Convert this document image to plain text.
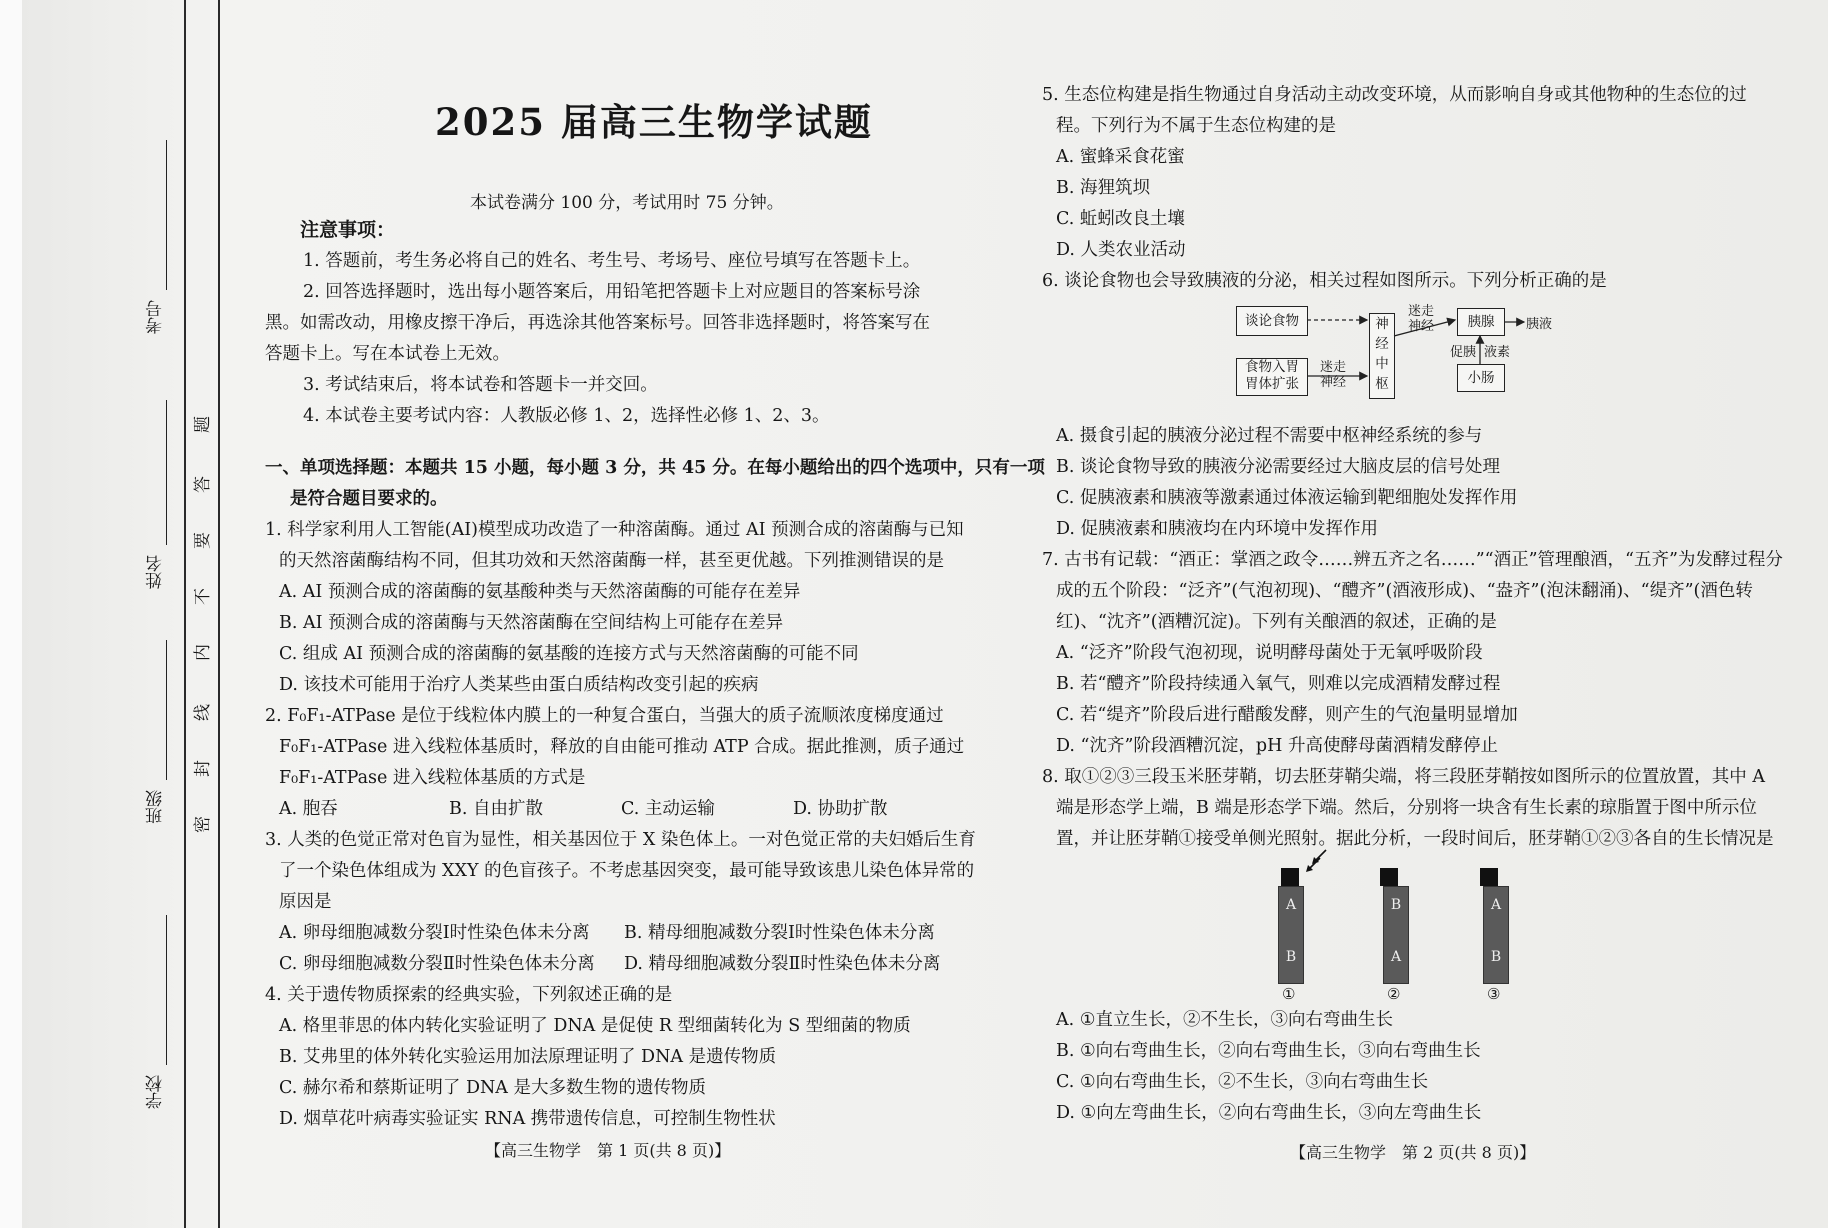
考号
姓名
班级
学校
题
答
要
不
内
线
封
密
2025 届高三生物学试题
本试卷满分 100 分，考试用时 75 分钟。
注意事项：
1. 答题前，考生务必将自己的姓名、考生号、考场号、座位号填写在答题卡上。
2. 回答选择题时，选出每小题答案后，用铅笔把答题卡上对应题目的答案标号涂
黑。如需改动，用橡皮擦干净后，再选涂其他答案标号。回答非选择题时，将答案写在
答题卡上。写在本试卷上无效。
3. 考试结束后，将本试卷和答题卡一并交回。
4. 本试卷主要考试内容：人教版必修 1、2，选择性必修 1、2、3。
一、单项选择题：本题共 15 小题，每小题 3 分，共 45 分。在每小题给出的四个选项中，只有一项
是符合题目要求的。
1. 科学家利用人工智能(AI)模型成功改造了一种溶菌酶。通过 AI 预测合成的溶菌酶与已知
的天然溶菌酶结构不同，但其功效和天然溶菌酶一样，甚至更优越。下列推测错误的是
A. AI 预测合成的溶菌酶的氨基酸种类与天然溶菌酶的可能存在差异
B. AI 预测合成的溶菌酶与天然溶菌酶在空间结构上可能存在差异
C. 组成 AI 预测合成的溶菌酶的氨基酸的连接方式与天然溶菌酶的可能不同
D. 该技术可能用于治疗人类某些由蛋白质结构改变引起的疾病
2. F₀F₁-ATPase 是位于线粒体内膜上的一种复合蛋白，当强大的质子流顺浓度梯度通过
F₀F₁-ATPase 进入线粒体基质时，释放的自由能可推动 ATP 合成。据此推测，质子通过
F₀F₁-ATPase 进入线粒体基质的方式是
A. 胞吞	B. 自由扩散	C. 主动运输	D. 协助扩散
3. 人类的色觉正常对色盲为显性，相关基因位于 X 染色体上。一对色觉正常的夫妇婚后生育
了一个染色体组成为 XXY 的色盲孩子。不考虑基因突变，最可能导致该患儿染色体异常的
原因是
A. 卵母细胞减数分裂Ⅰ时性染色体未分离 B. 精母细胞减数分裂Ⅰ时性染色体未分离
C. 卵母细胞减数分裂Ⅱ时性染色体未分离 D. 精母细胞减数分裂Ⅱ时性染色体未分离
4. 关于遗传物质探索的经典实验，下列叙述正确的是
A. 格里菲思的体内转化实验证明了 DNA 是促使 R 型细菌转化为 S 型细菌的物质
B. 艾弗里的体外转化实验运用加法原理证明了 DNA 是遗传物质
C. 赫尔希和蔡斯证明了 DNA 是大多数生物的遗传物质
D. 烟草花叶病毒实验证实 RNA 携带遗传信息，可控制生物性状
【高三生物学　第 1 页(共 8 页)】
5. 生态位构建是指生物通过自身活动主动改变环境，从而影响自身或其他物种的生态位的过
程。下列行为不属于生态位构建的是
A. 蜜蜂采食花蜜
B. 海狸筑坝
C. 蚯蚓改良土壤
D. 人类农业活动
6. 谈论食物也会导致胰液的分泌，相关过程如图所示。下列分析正确的是
A. 摄食引起的胰液分泌过程不需要中枢神经系统的参与
B. 谈论食物导致的胰液分泌需要经过大脑皮层的信号处理
C. 促胰液素和胰液等激素通过体液运输到靶细胞处发挥作用
D. 促胰液素和胰液均在内环境中发挥作用
7. 古书有记载：“酒正：掌酒之政令……辨五齐之名……”“酒正”管理酿酒，“五齐”为发酵过程分
成的五个阶段：“泛齐”(气泡初现)、“醴齐”(酒液形成)、“盎齐”(泡沫翻涌)、“缇齐”(酒色转
红)、“沈齐”(酒糟沉淀)。下列有关酿酒的叙述，正确的是
A. “泛齐”阶段气泡初现，说明酵母菌处于无氧呼吸阶段
B. 若“醴齐”阶段持续通入氧气，则难以完成酒精发酵过程
C. 若“缇齐”阶段后进行醋酸发酵，则产生的气泡量明显增加
D. “沈齐”阶段酒糟沉淀，pH 升高使酵母菌酒精发酵停止
8. 取①②③三段玉米胚芽鞘，切去胚芽鞘尖端，将三段胚芽鞘按如图所示的位置放置，其中 A
端是形态学上端，B 端是形态学下端。然后，分别将一块含有生长素的琼脂置于图中所示位
置，并让胚芽鞘①接受单侧光照射。据此分析，一段时间后，胚芽鞘①②③各自的生长情况是
谈论食物
食物入胃
胃体扩张
神
经
中
枢
胰腺
小肠
迷走
神经
迷走
神经
胰液
促胰 液素
A
B
①
B
A
②
A
B
③
A. ①直立生长，②不生长，③向右弯曲生长
B. ①向右弯曲生长，②向右弯曲生长，③向右弯曲生长
C. ①向右弯曲生长，②不生长，③向右弯曲生长
D. ①向左弯曲生长，②向右弯曲生长，③向左弯曲生长
【高三生物学　第 2 页(共 8 页)】
